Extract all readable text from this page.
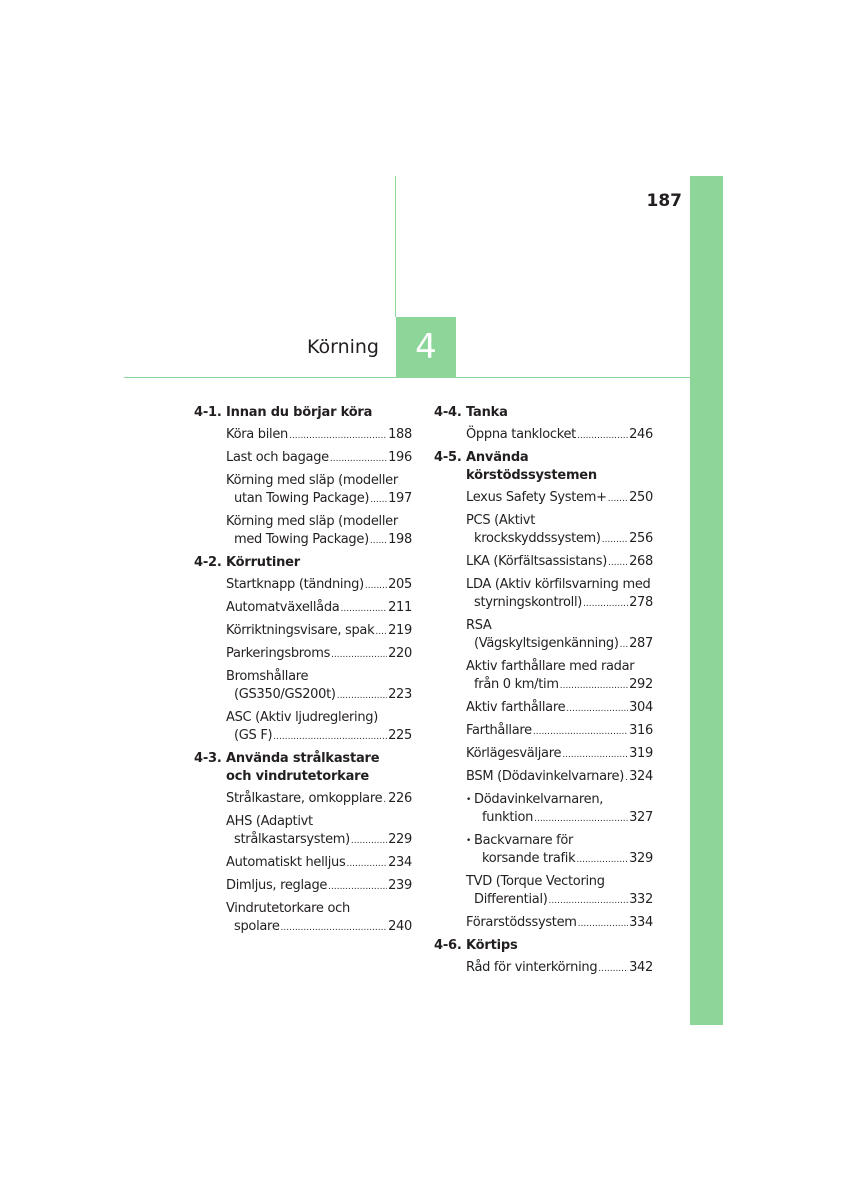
4
Körning
187
4-1. Innan du börjar köra
Köra bilen .....	188
Last och bagage .....	196
Körning med släp (modeller
utan Towing Package) ..... 197
Körning med släp (modeller
med Towing Package) ..... 198
4-2. Körrutiner
Startknapp (tändning) ..... 205
Automatväxellåda .....	211
Körriktningsvisare, spak ..... 219
Parkeringsbroms .....	220
Bromshållare
(GS350/GS200t) .....	223
ASC (Aktiv ljudreglering)
(GS F) .....	225
4-3. Använda strålkastare
och vindrutetorkare
Strålkastare, omkopplare ..... 226
AHS (Adaptivt
strålkastarsystem) .....	229
Automatiskt helljus .....	234
Dimljus, reglage .....	239
Vindrutetorkare och
spolare .....	240
4-4. Tanka
Öppna tanklocket .....	246
4-5. Använda körstödssystemen
Lexus Safety System+ ..... 250
PCS (Aktivt
krockskyddssystem) ..... 256
LKA (Körfältsassistans) ..... 268
LDA (Aktiv körfilsvarning med
styrningskontroll) .....	278
RSA
(Vägskyltsigenkänning) ..... 287
Aktiv farthållare med radar
från 0 km/tim .....	292
Aktiv farthållare .....	304
Farthållare .....	316
Körlägesväljare .....	319
BSM (Dödavinkelvarnare) ..... 324
• Dödavinkelvarnaren,
funktion .....	327
• Backvarnare för
korsande trafik .....	329
TVD (Torque Vectoring
Differential) .....	332
Förarstödssystem .....	334
4-6. Körtips
Råd för vinterkörning ..... 342
